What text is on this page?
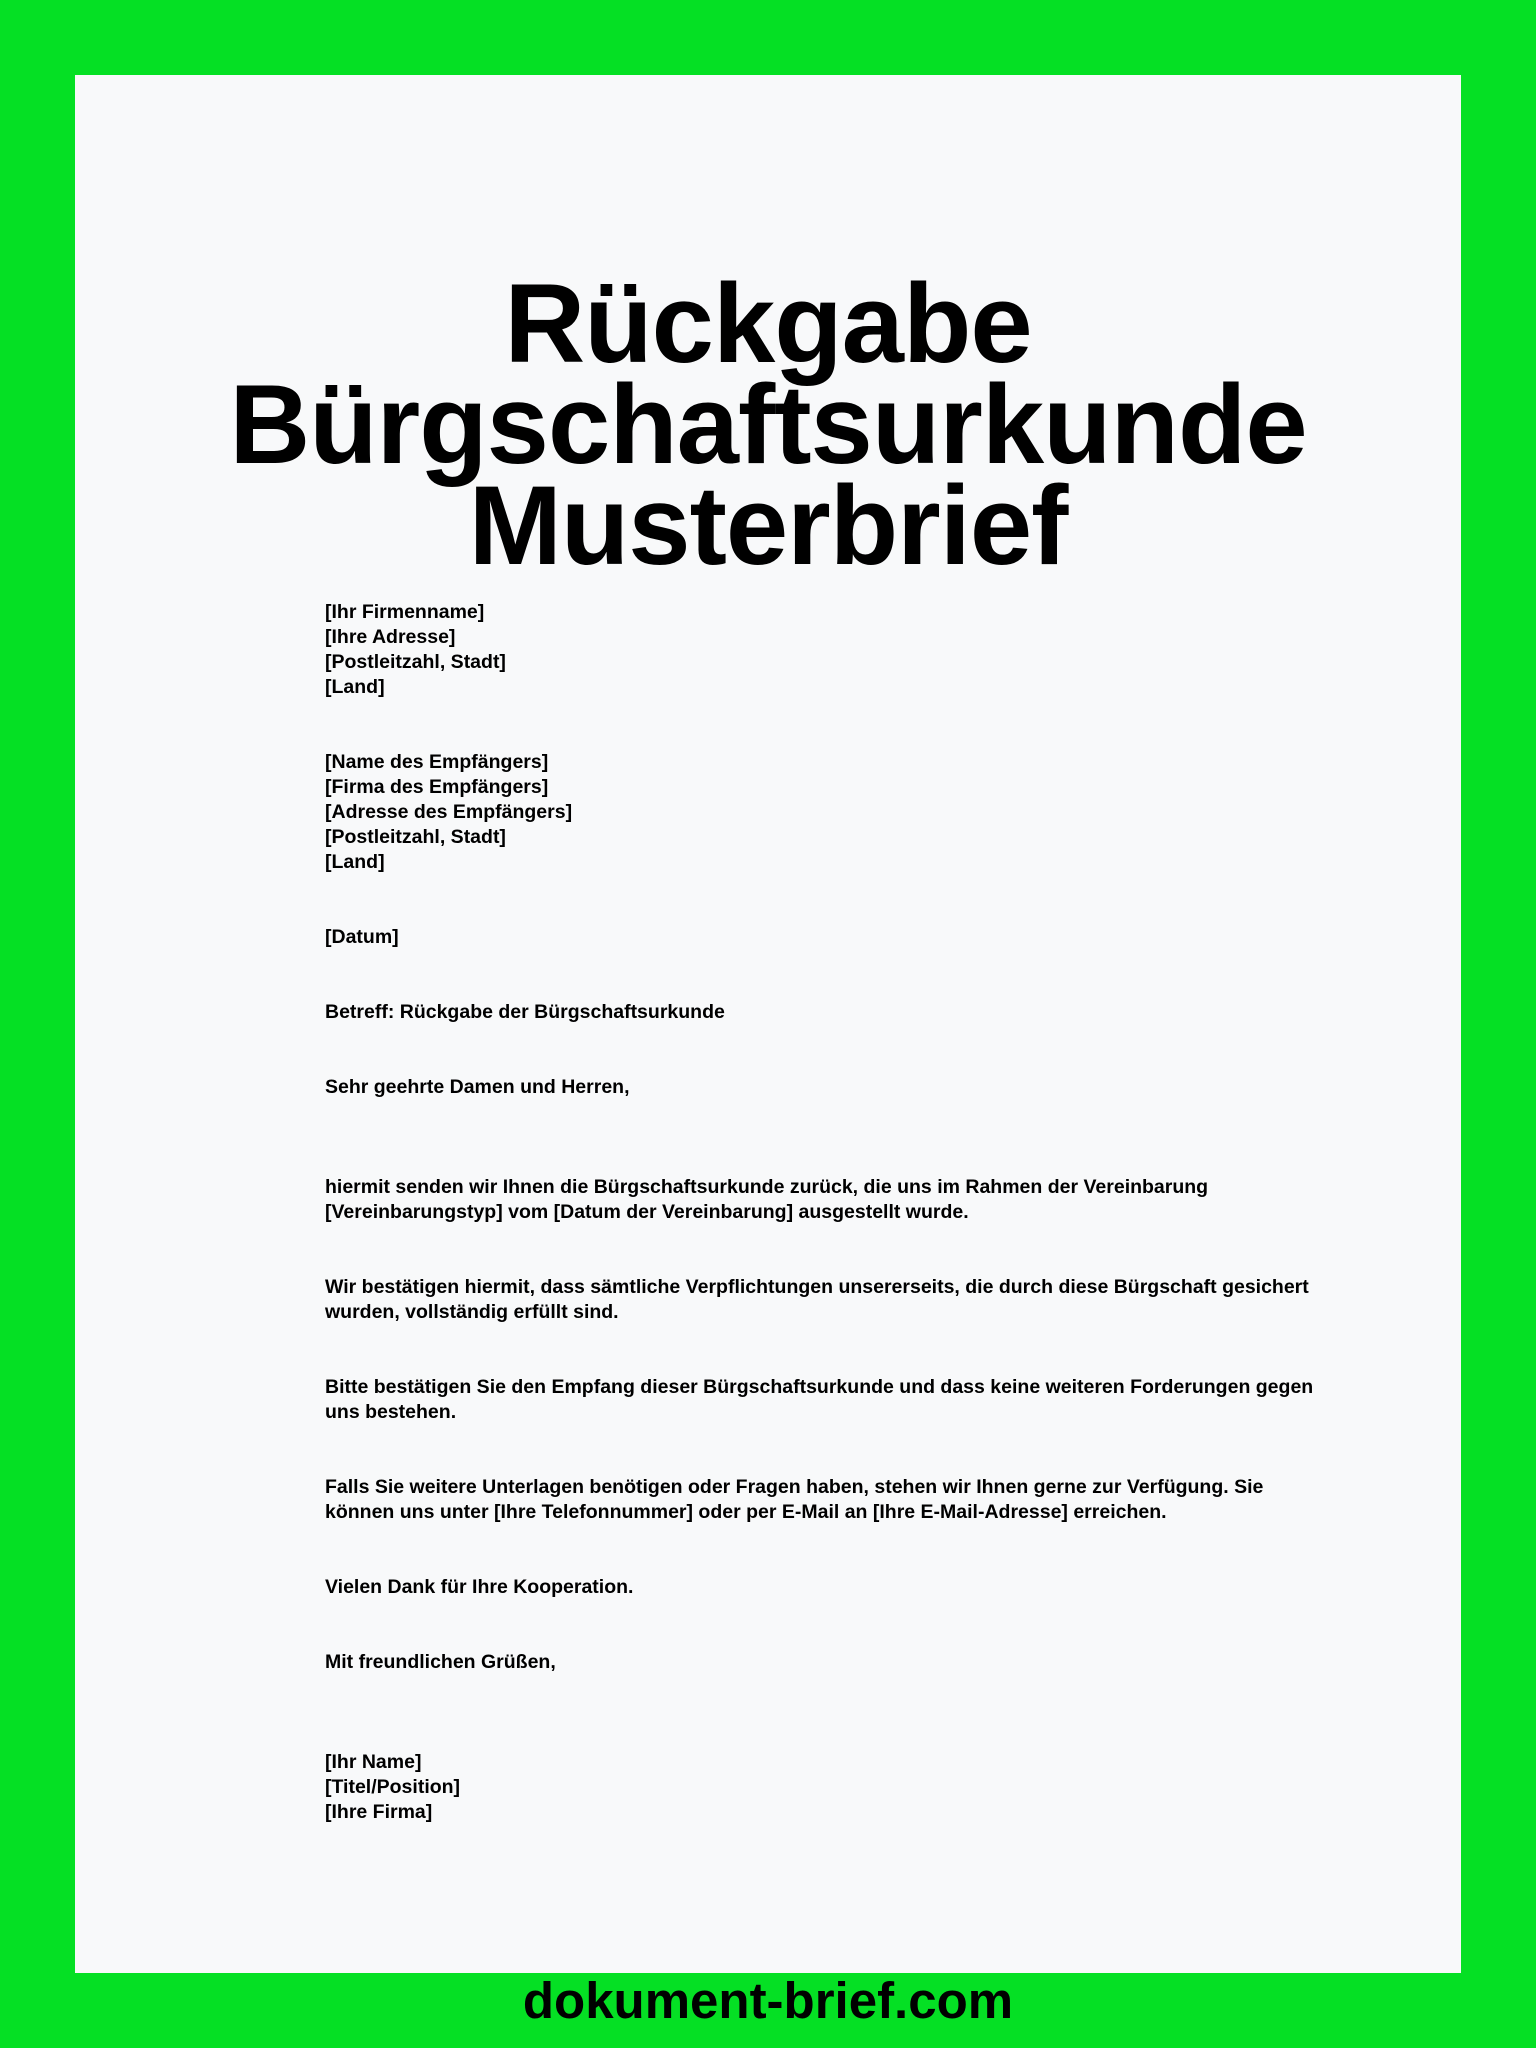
Rückgabe
Bürgschaftsurkunde
Musterbrief
[Ihr Firmenname]
[Ihre Adresse]
[Postleitzahl, Stadt]
[Land]
[Name des Empfängers]
[Firma des Empfängers]
[Adresse des Empfängers]
[Postleitzahl, Stadt]
[Land]
[Datum]
Betreff: Rückgabe der Bürgschaftsurkunde
Sehr geehrte Damen und Herren,
hiermit senden wir Ihnen die Bürgschaftsurkunde zurück, die uns im Rahmen der Vereinbarung
[Vereinbarungstyp] vom [Datum der Vereinbarung] ausgestellt wurde.
Wir bestätigen hiermit, dass sämtliche Verpflichtungen unsererseits, die durch diese Bürgschaft gesichert
wurden, vollständig erfüllt sind.
Bitte bestätigen Sie den Empfang dieser Bürgschaftsurkunde und dass keine weiteren Forderungen gegen
uns bestehen.
Falls Sie weitere Unterlagen benötigen oder Fragen haben, stehen wir Ihnen gerne zur Verfügung. Sie
können uns unter [Ihre Telefonnummer] oder per E-Mail an [Ihre E-Mail-Adresse] erreichen.
Vielen Dank für Ihre Kooperation.
Mit freundlichen Grüßen,
[Ihr Name]
[Titel/Position]
[Ihre Firma]
dokument-brief.com
